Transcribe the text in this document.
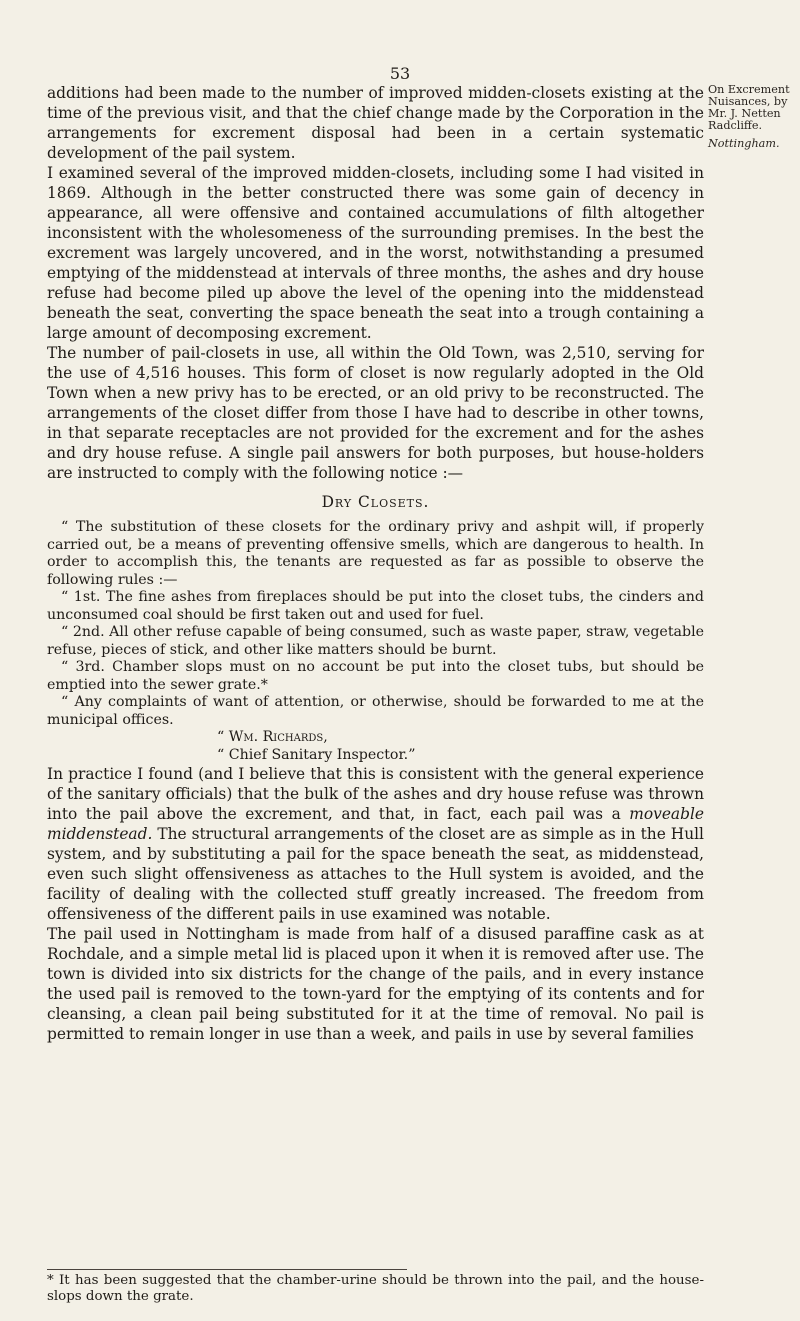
53
On Excrement
Nuisances, by
Mr. J. Netten
Radcliffe.
Nottingham.

additions had been made to the number of improved midden-closets existing at the time of the previous visit, and that the chief change made by the Corporation in the arrangements for excrement disposal had been in a certain systematic development of the pail system.

I examined several of the improved midden-closets, including some I had visited in 1869. Although in the better constructed there was some gain of decency in appearance, all were offensive and contained accumulations of filth altogether inconsistent with the wholesomeness of the surrounding premises. In the best the excrement was largely uncovered, and in the worst, notwithstanding a presumed emptying of the middenstead at intervals of three months, the ashes and dry house refuse had become piled up above the level of the opening into the middenstead beneath the seat, converting the space beneath the seat into a trough containing a large amount of decomposing excrement.

The number of pail-closets in use, all within the Old Town, was 2,510, serving for the use of 4,516 houses. This form of closet is now regularly adopted in the Old Town when a new privy has to be erected, or an old privy to be reconstructed. The arrangements of the closet differ from those I have had to describe in other towns, in that separate receptacles are not provided for the excrement and for the ashes and dry house refuse. A single pail answers for both purposes, but house-holders are instructed to comply with the following notice :—

Dry Closets.

“ The substitution of these closets for the ordinary privy and ashpit will, if properly carried out, be a means of preventing offensive smells, which are dangerous to health. In order to accomplish this, the tenants are requested as far as possible to observe the following rules :—

“ 1st. The fine ashes from fireplaces should be put into the closet tubs, the cinders and unconsumed coal should be first taken out and used for fuel.

“ 2nd. All other refuse capable of being consumed, such as waste paper, straw, vegetable refuse, pieces of stick, and other like matters should be burnt.

“ 3rd. Chamber slops must on no account be put into the closet tubs, but should be emptied into the sewer grate.*

“ Any complaints of want of attention, or otherwise, should be forwarded to me at the municipal offices.

“ Wm. Richards,
“ Chief Sanitary Inspector.”

In practice I found (and I believe that this is consistent with the general experience of the sanitary officials) that the bulk of the ashes and dry house refuse was thrown into the pail above the excrement, and that, in fact, each pail was a moveable middenstead. The structural arrangements of the closet are as simple as in the Hull system, and by substituting a pail for the space beneath the seat, as middenstead, even such slight offensiveness as attaches to the Hull system is avoided, and the facility of dealing with the collected stuff greatly increased. The freedom from offensiveness of the different pails in use examined was notable.

The pail used in Nottingham is made from half of a disused paraffine cask as at Rochdale, and a simple metal lid is placed upon it when it is removed after use. The town is divided into six districts for the change of the pails, and in every instance the used pail is removed to the town-yard for the emptying of its contents and for cleansing, a clean pail being substituted for it at the time of removal. No pail is permitted to remain longer in use than a week, and pails in use by several families

* It has been suggested that the chamber-urine should be thrown into the pail, and the house-slops down the grate.
